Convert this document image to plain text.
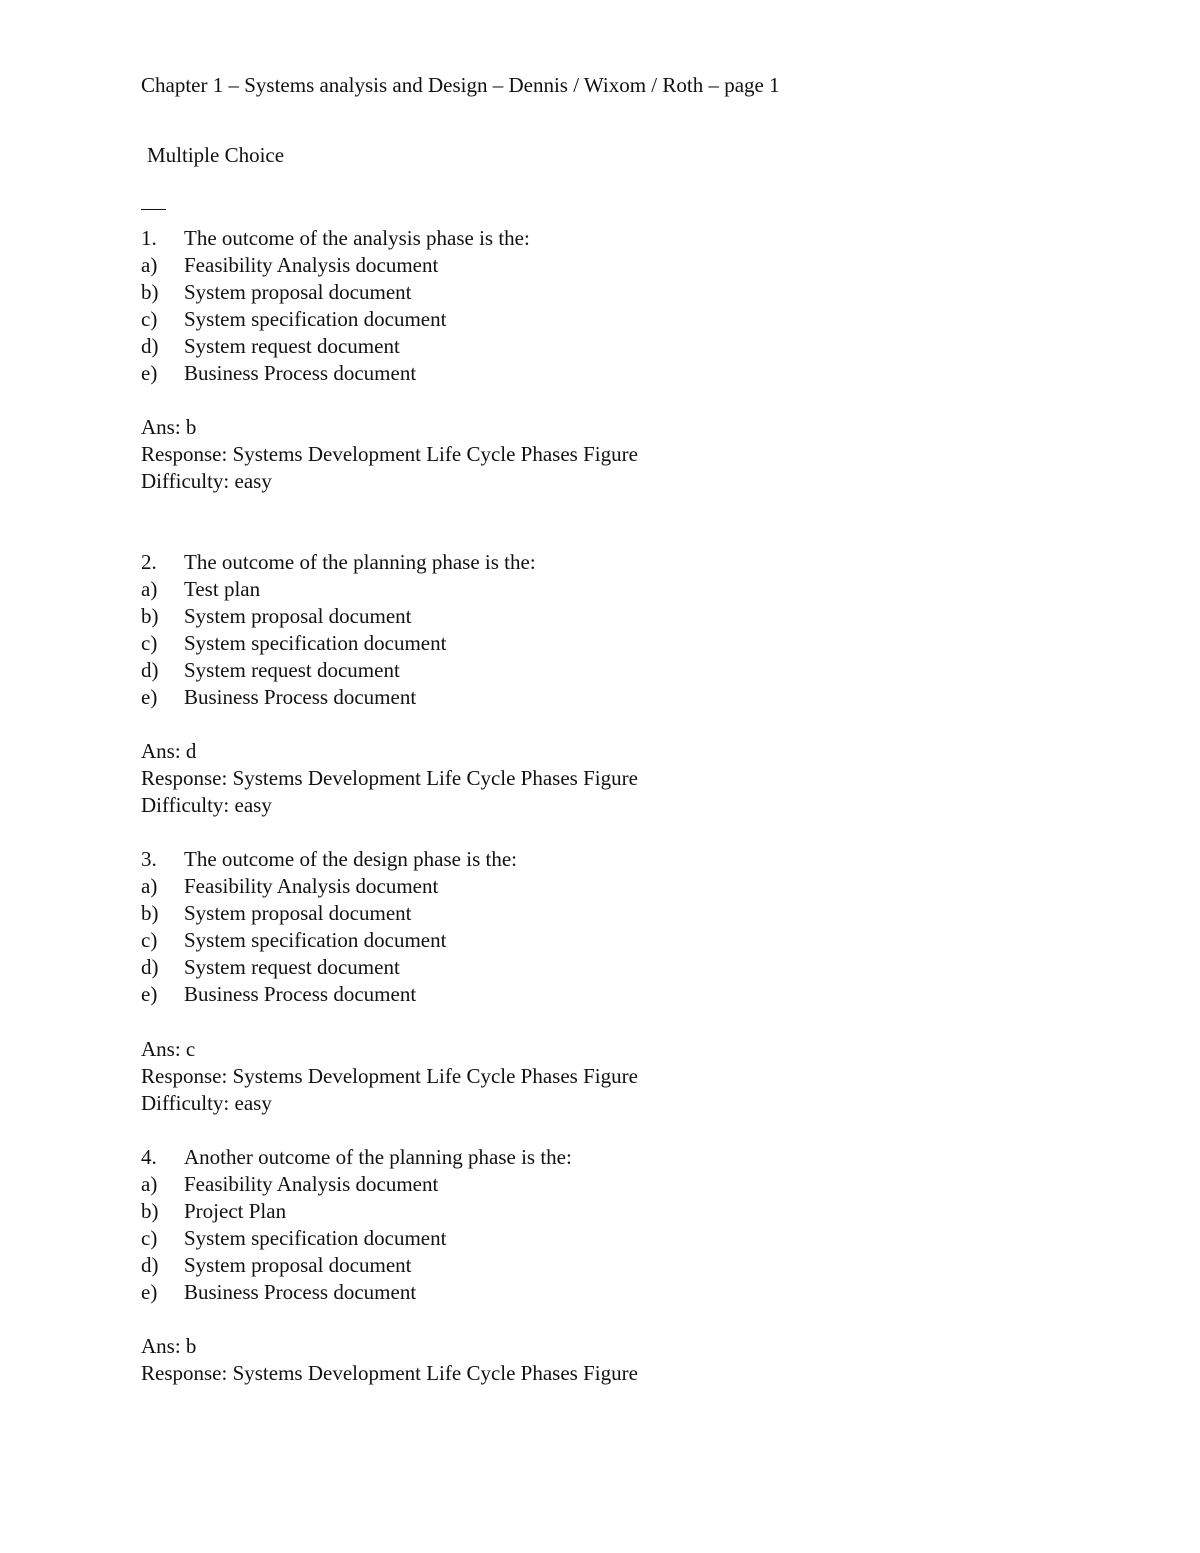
Chapter 1 – Systems analysis and Design – Dennis / Wixom / Roth – page 1
Multiple Choice
1. The outcome of the analysis phase is the:
a) Feasibility Analysis document
b) System proposal document
c) System specification document
d) System request document
e) Business Process document
Ans: b
Response: Systems Development Life Cycle Phases Figure
Difficulty: easy
2. The outcome of the planning phase is the:
a) Test plan
b) System proposal document
c) System specification document
d) System request document
e) Business Process document
Ans: d
Response: Systems Development Life Cycle Phases Figure
Difficulty: easy
3. The outcome of the design phase is the:
a) Feasibility Analysis document
b) System proposal document
c) System specification document
d) System request document
e) Business Process document
Ans: c
Response: Systems Development Life Cycle Phases Figure
Difficulty: easy
4. Another outcome of the planning phase is the:
a) Feasibility Analysis document
b) Project Plan
c) System specification document
d) System proposal document
e) Business Process document
Ans: b
Response: Systems Development Life Cycle Phases Figure
